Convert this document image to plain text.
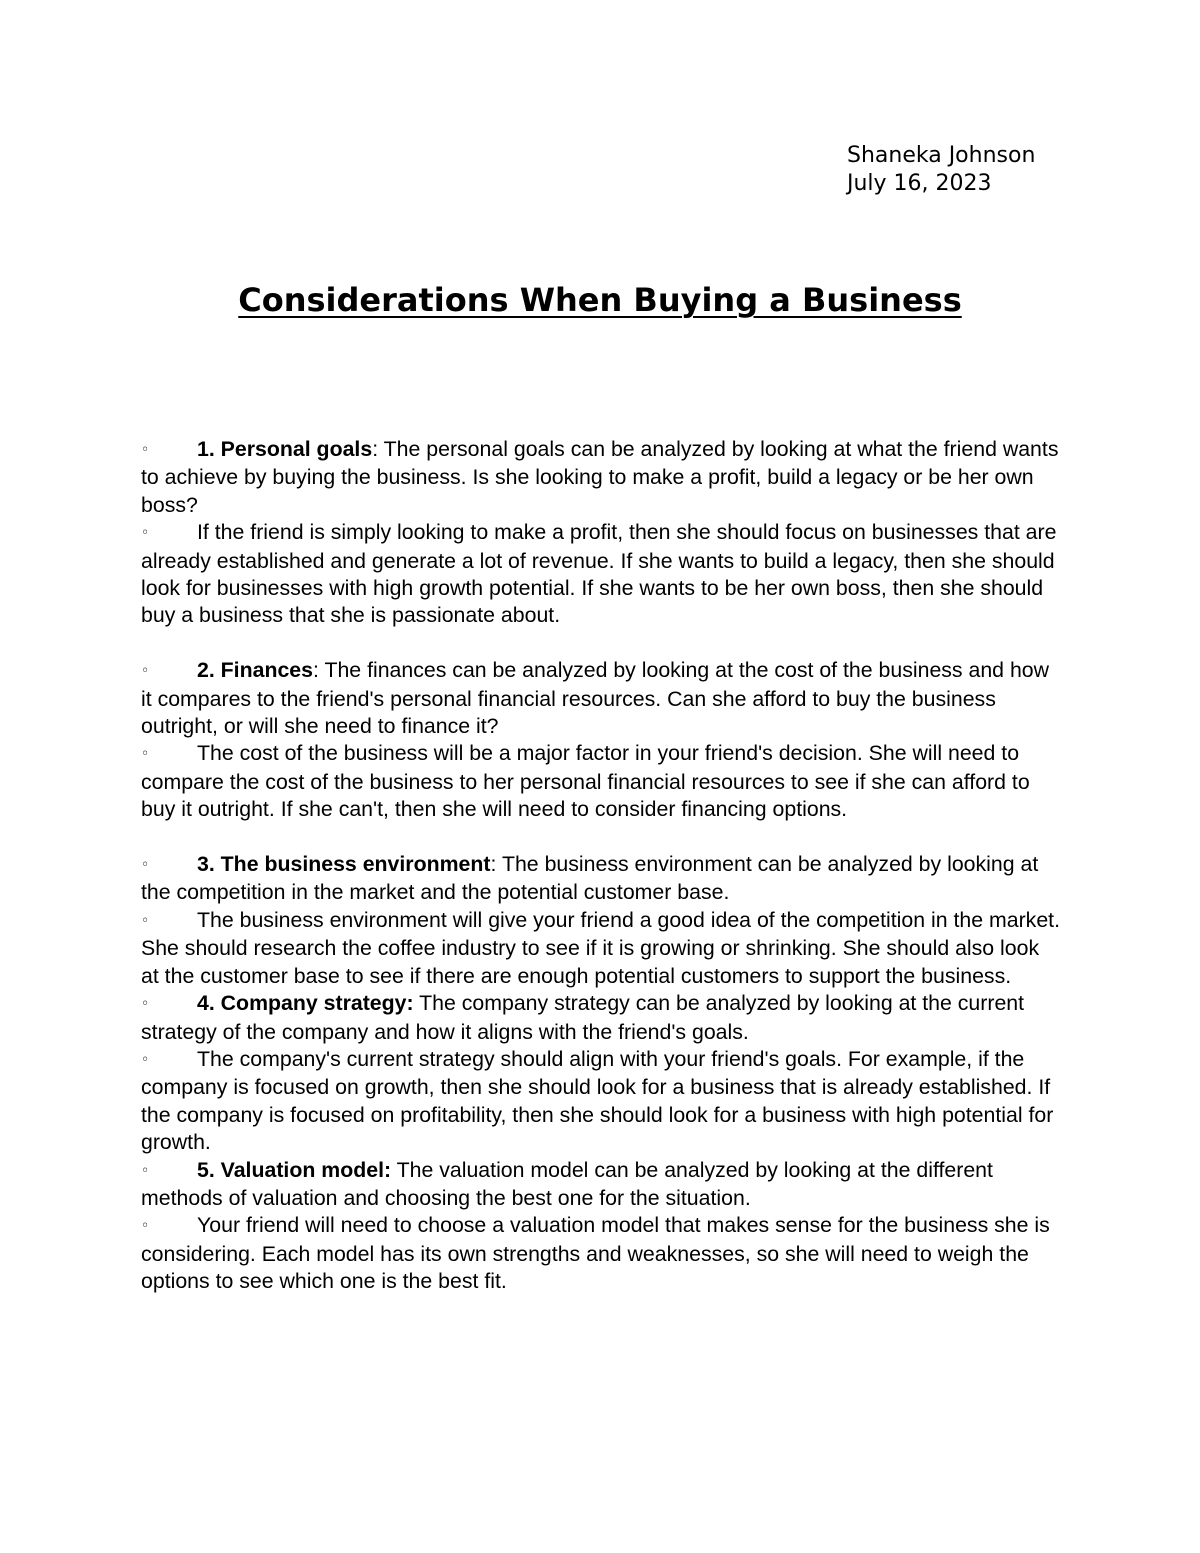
Shaneka Johnson
July 16, 2023
Considerations When Buying a Business

◦ 1. Personal goals: The personal goals can be analyzed by looking at what the friend wants to achieve by buying the business. Is she looking to make a profit, build a legacy or be her own boss?

◦ If the friend is simply looking to make a profit, then she should focus on businesses that are already established and generate a lot of revenue. If she wants to build a legacy, then she should look for businesses with high growth potential. If she wants to be her own boss, then she should buy a business that she is passionate about.

◦ 2. Finances: The finances can be analyzed by looking at the cost of the business and how it compares to the friend's personal financial resources. Can she afford to buy the business outright, or will she need to finance it?

◦ The cost of the business will be a major factor in your friend's decision. She will need to compare the cost of the business to her personal financial resources to see if she can afford to buy it outright. If she can't, then she will need to consider financing options.

◦ 3. The business environment: The business environment can be analyzed by looking at the competition in the market and the potential customer base.

◦ The business environment will give your friend a good idea of the competition in the market. She should research the coffee industry to see if it is growing or shrinking. She should also look at the customer base to see if there are enough potential customers to support the business.

◦ 4. Company strategy: The company strategy can be analyzed by looking at the current strategy of the company and how it aligns with the friend's goals.

◦ The company's current strategy should align with your friend's goals. For example, if the company is focused on growth, then she should look for a business that is already established. If the company is focused on profitability, then she should look for a business with high potential for growth.

◦ 5. Valuation model: The valuation model can be analyzed by looking at the different methods of valuation and choosing the best one for the situation.

◦ Your friend will need to choose a valuation model that makes sense for the business she is considering. Each model has its own strengths and weaknesses, so she will need to weigh the options to see which one is the best fit.
